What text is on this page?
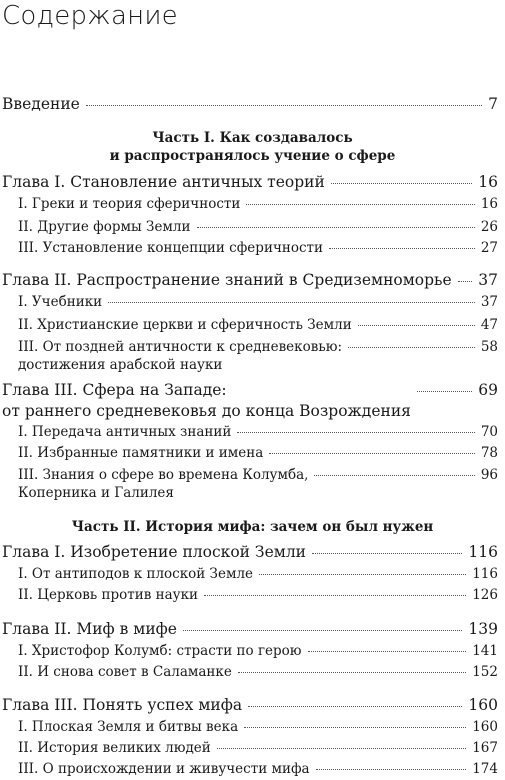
Содержание
Введение	7
Часть I. Как создавалось
и распространялось учение о сфере
Глава I. Становление античных теорий	16
I. Греки и теория сферичности	16
II. Другие формы Земли	26
III. Установление концепции сферичности	27
Глава II. Распространение знаний в Средиземноморье 37
I. Учебники	37
II. Христианские церкви и сферичность Земли	47
III. От поздней античности к средневековью:
достижения арабской науки
58
Глава III. Сфера на Западе:
от раннего средневековья до конца Возрождения
69
I. Передача античных знаний	70
II. Избранные памятники и имена	78
III. Знания о сфере во времена Колумба,
Коперника и Галилея
96
Часть II. История мифа: зачем он был нужен
Глава I. Изобретение плоской Земли	116
I. От антиподов к плоской Земле	116
II. Церковь против науки	126
Глава II. Миф в мифе	139
I. Христофор Колумб: страсти по герою	141
II. И снова совет в Саламанке	152
Глава III. Понять успех мифа	160
I. Плоская Земля и битвы века	160
II. История великих людей	167
III. О происхождении и живучести мифа	174
